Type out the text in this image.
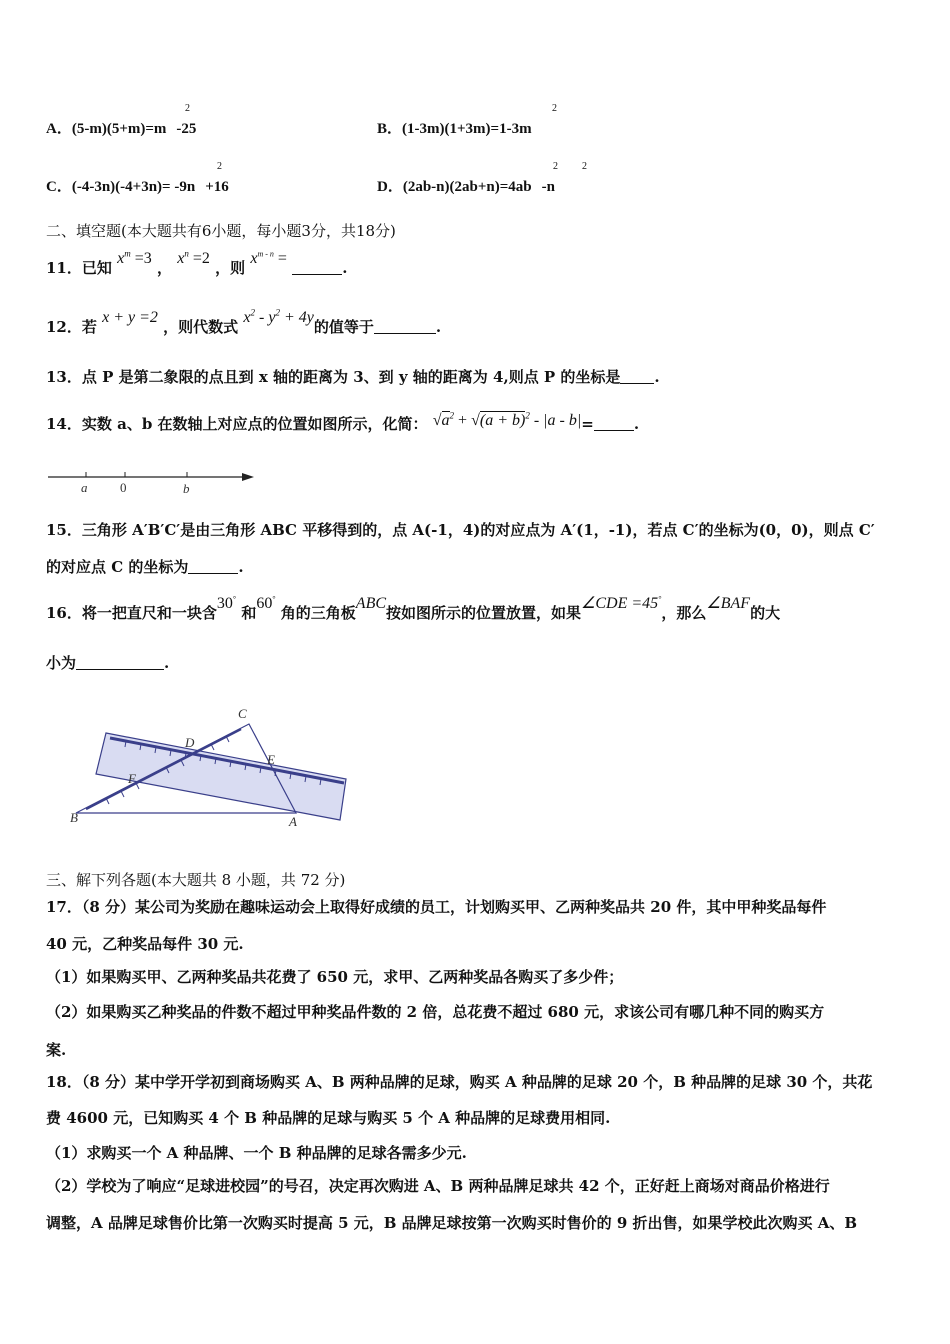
A．(5-m)(5+m)=m -25
2
B．(1-3m)(1+3m)=1-3m
2
C．(-4-3n)(-4+3n)= -9n +16
2
D．(2ab-n)(2ab+n)=4ab -n
2 2
二、填空题(本大题共有6小题，每小题3分，共18分)
11．已知 $x^m =3$ ， $x^n =2$ ，则 $x^{m - n}$ = .
12．若 x + y =2 ，则代数式 $x^2 - y^2 + 4y$的值等于	.
13．点 P 是第二象限的点且到 x 轴的距离为 3、到 y 轴的距离为 4,则点 P 的坐标是 .
14．实数 a、b 在数轴上对应点的位置如图所示，化简： $√a^2 + √(a + b)^2 - |a - b|=$	.
a	0	b
15．三角形 A′B′C′是由三角形 ABC 平移得到的，点 A(-1，4)的对应点为 A′(1，-1)，若点 C′的坐标为(0，0)，则点 C′
的对应点 C 的坐标为	.
16．将一把直尺和一块含30° 和60° 角的三角板ABC按如图所示的位置放置，如果∠CDE =45°，那么∠BAF的大
小为	.
C
D
E
F
B	A
三、解下列各题(本大题共 8 小题，共 72 分)
17．（8 分）某公司为奖励在趣味运动会上取得好成绩的员工，计划购买甲、乙两种奖品共 20 件，其中甲种奖品每件
40 元，乙种奖品每件 30 元.
（1）如果购买甲、乙两种奖品共花费了 650 元，求甲、乙两种奖品各购买了多少件；
（2）如果购买乙种奖品的件数不超过甲种奖品件数的 2 倍，总花费不超过 680 元，求该公司有哪几种不同的购买方
案.
18．（8 分）某中学开学初到商场购买 A、B 两种品牌的足球，购买 A 种品牌的足球 20 个，B 种品牌的足球 30 个，共花
费 4600 元，已知购买 4 个 B 种品牌的足球与购买 5 个 A 种品牌的足球费用相同.
（1）求购买一个 A 种品牌、一个 B 种品牌的足球各需多少元.
（2）学校为了响应“足球进校园”的号召，决定再次购进 A、B 两种品牌足球共 42 个，正好赶上商场对商品价格进行
调整，A 品牌足球售价比第一次购买时提高 5 元，B 品牌足球按第一次购买时售价的 9 折出售，如果学校此次购买 A、B
